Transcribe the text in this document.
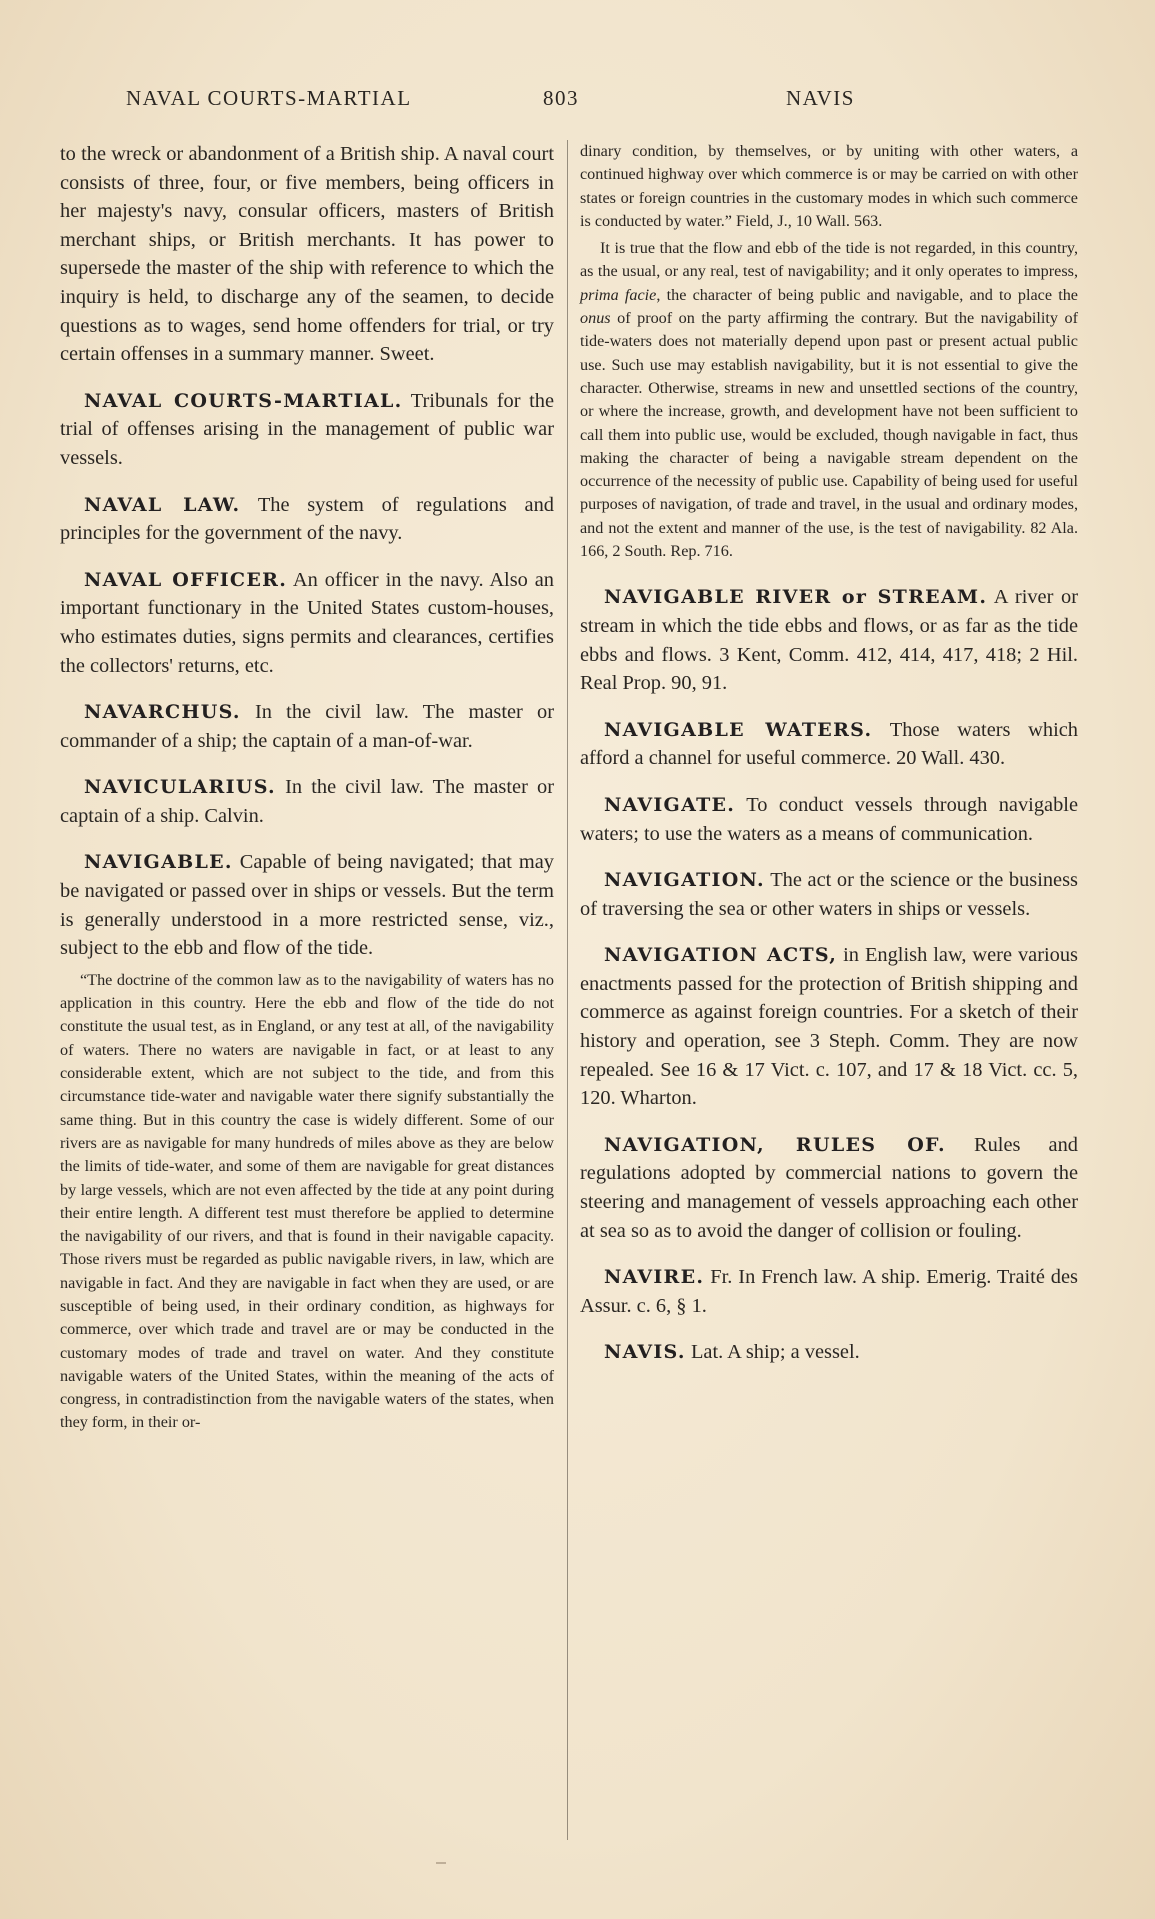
NAVAL COURTS-MARTIAL	803	NAVIS

to the wreck or abandonment of a British ship. A naval court consists of three, four, or five members, being officers in her majesty's navy, consular officers, masters of British merchant ships, or British merchants. It has power to supersede the master of the ship with reference to which the inquiry is held, to discharge any of the seamen, to decide questions as to wages, send home offenders for trial, or try certain offenses in a summary manner. Sweet.

NAVAL COURTS-MARTIAL. Tribunals for the trial of offenses arising in the management of public war vessels.

NAVAL LAW. The system of regulations and principles for the government of the navy.

NAVAL OFFICER. An officer in the navy. Also an important functionary in the United States custom-houses, who estimates duties, signs permits and clearances, certifies the collectors' returns, etc.

NAVARCHUS. In the civil law. The master or commander of a ship; the captain of a man-of-war.

NAVICULARIUS. In the civil law. The master or captain of a ship. Calvin.

NAVIGABLE. Capable of being navigated; that may be navigated or passed over in ships or vessels. But the term is generally understood in a more restricted sense, viz., subject to the ebb and flow of the tide.

“The doctrine of the common law as to the navigability of waters has no application in this country. Here the ebb and flow of the tide do not constitute the usual test, as in England, or any test at all, of the navigability of waters. There no waters are navigable in fact, or at least to any considerable extent, which are not subject to the tide, and from this circumstance tide-water and navigable water there signify substantially the same thing. But in this country the case is widely different. Some of our rivers are as navigable for many hundreds of miles above as they are below the limits of tide-water, and some of them are navigable for great distances by large vessels, which are not even affected by the tide at any point during their entire length. A different test must therefore be applied to determine the navigability of our rivers, and that is found in their navigable capacity. Those rivers must be regarded as public navigable rivers, in law, which are navigable in fact. And they are navigable in fact when they are used, or are susceptible of being used, in their ordinary condition, as highways for commerce, over which trade and travel are or may be conducted in the customary modes of trade and travel on water. And they constitute navigable waters of the United States, within the meaning of the acts of congress, in contradistinction from the navigable waters of the states, when they form, in their or-

dinary condition, by themselves, or by uniting with other waters, a continued highway over which commerce is or may be carried on with other states or foreign countries in the customary modes in which such commerce is conducted by water.” Field, J., 10 Wall. 563.

It is true that the flow and ebb of the tide is not regarded, in this country, as the usual, or any real, test of navigability; and it only operates to impress, prima facie, the character of being public and navigable, and to place the onus of proof on the party affirming the contrary. But the navigability of tide-waters does not materially depend upon past or present actual public use. Such use may establish navigability, but it is not essential to give the character. Otherwise, streams in new and unsettled sections of the country, or where the increase, growth, and development have not been sufficient to call them into public use, would be excluded, though navigable in fact, thus making the character of being a navigable stream dependent on the occurrence of the necessity of public use. Capability of being used for useful purposes of navigation, of trade and travel, in the usual and ordinary modes, and not the extent and manner of the use, is the test of navigability. 82 Ala. 166, 2 South. Rep. 716.

NAVIGABLE RIVER or STREAM. A river or stream in which the tide ebbs and flows, or as far as the tide ebbs and flows. 3 Kent, Comm. 412, 414, 417, 418; 2 Hil. Real Prop. 90, 91.

NAVIGABLE WATERS. Those waters which afford a channel for useful commerce. 20 Wall. 430.

NAVIGATE. To conduct vessels through navigable waters; to use the waters as a means of communication.

NAVIGATION. The act or the science or the business of traversing the sea or other waters in ships or vessels.

NAVIGATION ACTS, in English law, were various enactments passed for the protection of British shipping and commerce as against foreign countries. For a sketch of their history and operation, see 3 Steph. Comm. They are now repealed. See 16 & 17 Vict. c. 107, and 17 & 18 Vict. cc. 5, 120. Wharton.

NAVIGATION, RULES OF. Rules and regulations adopted by commercial nations to govern the steering and management of vessels approaching each other at sea so as to avoid the danger of collision or fouling.

NAVIRE. Fr. In French law. A ship. Emerig. Traité des Assur. c. 6, § 1.

NAVIS. Lat. A ship; a vessel.
